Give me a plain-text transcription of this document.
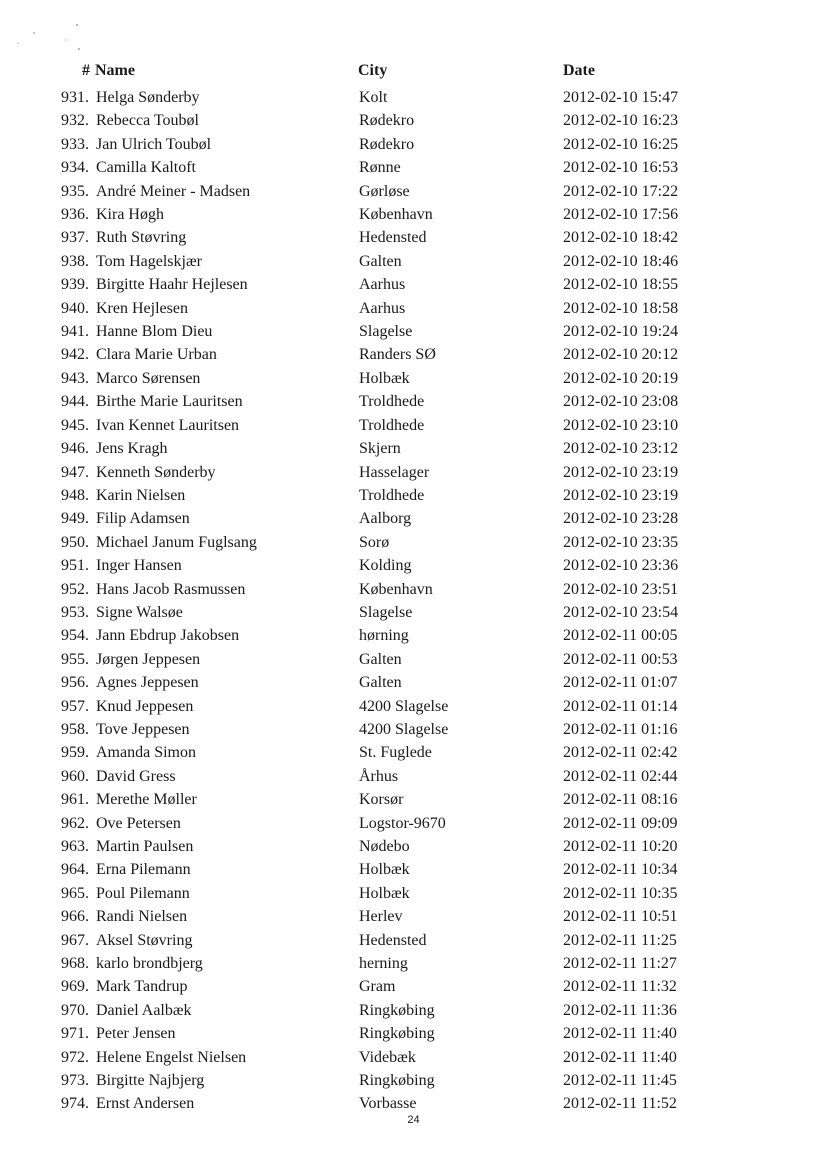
# Name	City	Date
931. Helga Sønderby	Kolt	2012-02-10 15:47
932. Rebecca Toubøl	Rødekro	2012-02-10 16:23
933. Jan Ulrich Toubøl	Rødekro	2012-02-10 16:25
934. Camilla Kaltoft	Rønne	2012-02-10 16:53
935. André Meiner - Madsen	Gørløse	2012-02-10 17:22
936. Kira Høgh	København	2012-02-10 17:56
937. Ruth Støvring	Hedensted	2012-02-10 18:42
938. Tom Hagelskjær	Galten	2012-02-10 18:46
939. Birgitte Haahr Hejlesen	Aarhus	2012-02-10 18:55
940. Kren Hejlesen	Aarhus	2012-02-10 18:58
941. Hanne Blom Dieu	Slagelse	2012-02-10 19:24
942. Clara Marie Urban	Randers SØ	2012-02-10 20:12
943. Marco Sørensen	Holbæk	2012-02-10 20:19
944. Birthe Marie Lauritsen	Troldhede	2012-02-10 23:08
945. Ivan Kennet Lauritsen	Troldhede	2012-02-10 23:10
946. Jens Kragh	Skjern	2012-02-10 23:12
947. Kenneth Sønderby	Hasselager	2012-02-10 23:19
948. Karin Nielsen	Troldhede	2012-02-10 23:19
949. Filip Adamsen	Aalborg	2012-02-10 23:28
950. Michael Janum Fuglsang	Sorø	2012-02-10 23:35
951. Inger Hansen	Kolding	2012-02-10 23:36
952. Hans Jacob Rasmussen	København	2012-02-10 23:51
953. Signe Walsøe	Slagelse	2012-02-10 23:54
954. Jann Ebdrup Jakobsen	hørning	2012-02-11 00:05
955. Jørgen Jeppesen	Galten	2012-02-11 00:53
956. Agnes Jeppesen	Galten	2012-02-11 01:07
957. Knud Jeppesen	4200 Slagelse	2012-02-11 01:14
958. Tove Jeppesen	4200 Slagelse	2012-02-11 01:16
959. Amanda Simon	St. Fuglede	2012-02-11 02:42
960. David Gress	Århus	2012-02-11 02:44
961. Merethe Møller	Korsør	2012-02-11 08:16
962. Ove Petersen	Logstor-9670	2012-02-11 09:09
963. Martin Paulsen	Nødebo	2012-02-11 10:20
964. Erna Pilemann	Holbæk	2012-02-11 10:34
965. Poul Pilemann	Holbæk	2012-02-11 10:35
966. Randi Nielsen	Herlev	2012-02-11 10:51
967. Aksel Støvring	Hedensted	2012-02-11 11:25
968. karlo brondbjerg	herning	2012-02-11 11:27
969. Mark Tandrup	Gram	2012-02-11 11:32
970. Daniel Aalbæk	Ringkøbing	2012-02-11 11:36
971. Peter Jensen	Ringkøbing	2012-02-11 11:40
972. Helene Engelst Nielsen	Videbæk	2012-02-11 11:40
973. Birgitte Najbjerg	Ringkøbing	2012-02-11 11:45
974. Ernst Andersen	Vorbasse	2012-02-11 11:52
24
